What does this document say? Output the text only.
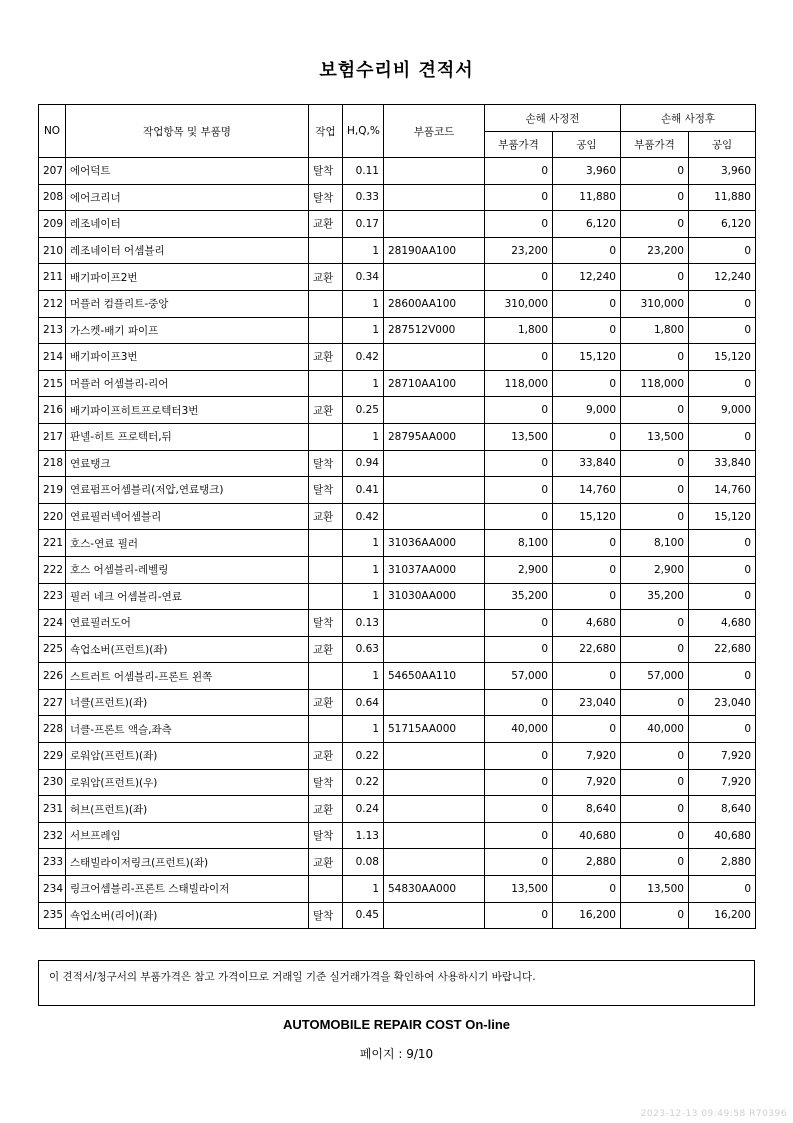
보험수리비 견적서
NO	작업항목 및 부품명	작업	H,Q,%	부품코드	손해 사정전		손해 사정후	
					부품가격	공임	부품가격	공임
207	에어덕트	탈착	0.11		0	3,960	0	3,960
208	에어크리너	탈착	0.33		0	11,880	0	11,880
209	레조네이터	교환	0.17		0	6,120	0	6,120
210	레조네이터 어셈블리		1	28190AA100	23,200	0	23,200	0
211	배기파이프2번	교환	0.34		0	12,240	0	12,240
212	머플러 컴플리트-중앙		1	28600AA100	310,000	0	310,000	0
213	가스켓-배기 파이프		1	287512V000	1,800	0	1,800	0
214	배기파이프3번	교환	0.42		0	15,120	0	15,120
215	머플러 어셈블리-리어		1	28710AA100	118,000	0	118,000	0
216	배기파이프히트프로텍터3번	교환	0.25		0	9,000	0	9,000
217	판넬-히트 프로텍터,뒤		1	28795AA000	13,500	0	13,500	0
218	연료탱크	탈착	0.94		0	33,840	0	33,840
219	연료펌프어셈블리(저압,연료탱크)	탈착	0.41		0	14,760	0	14,760
220	연료필러넥어셈블리	교환	0.42		0	15,120	0	15,120
221	호스-연료 필러		1	31036AA000	8,100	0	8,100	0
222	호스 어셈블리-레벨링		1	31037AA000	2,900	0	2,900	0
223	필러 네크 어셈블리-연료		1	31030AA000	35,200	0	35,200	0
224	연료필러도어	탈착	0.13		0	4,680	0	4,680
225	쇽업소버(프런트)(좌)	교환	0.63		0	22,680	0	22,680
226	스트러트 어셈블리-프론트 왼쪽		1	54650AA110	57,000	0	57,000	0
227	너클(프런트)(좌)	교환	0.64		0	23,040	0	23,040
228	너클-프론트 액슬,좌측		1	51715AA000	40,000	0	40,000	0
229	로워암(프런트)(좌)	교환	0.22		0	7,920	0	7,920
230	로워암(프런트)(우)	탈착	0.22		0	7,920	0	7,920
231	허브(프런트)(좌)	교환	0.24		0	8,640	0	8,640
232	서브프레임	탈착	1.13		0	40,680	0	40,680
233	스태빌라이저링크(프런트)(좌)	교환	0.08		0	2,880	0	2,880
234	링크어셈블리-프론트 스태빌라이저		1	54830AA000	13,500	0	13,500	0
235	쇽업소버(리어)(좌)	탈착	0.45		0	16,200	0	16,200
이 견적서/청구서의 부품가격은 참고 가격이므로 거래일 기준 실거래가격을 확인하여 사용하시기 바랍니다.
AUTOMOBILE REPAIR COST On-line
페이지 : 9/10
2023-12-13 09:49:58 R70396
